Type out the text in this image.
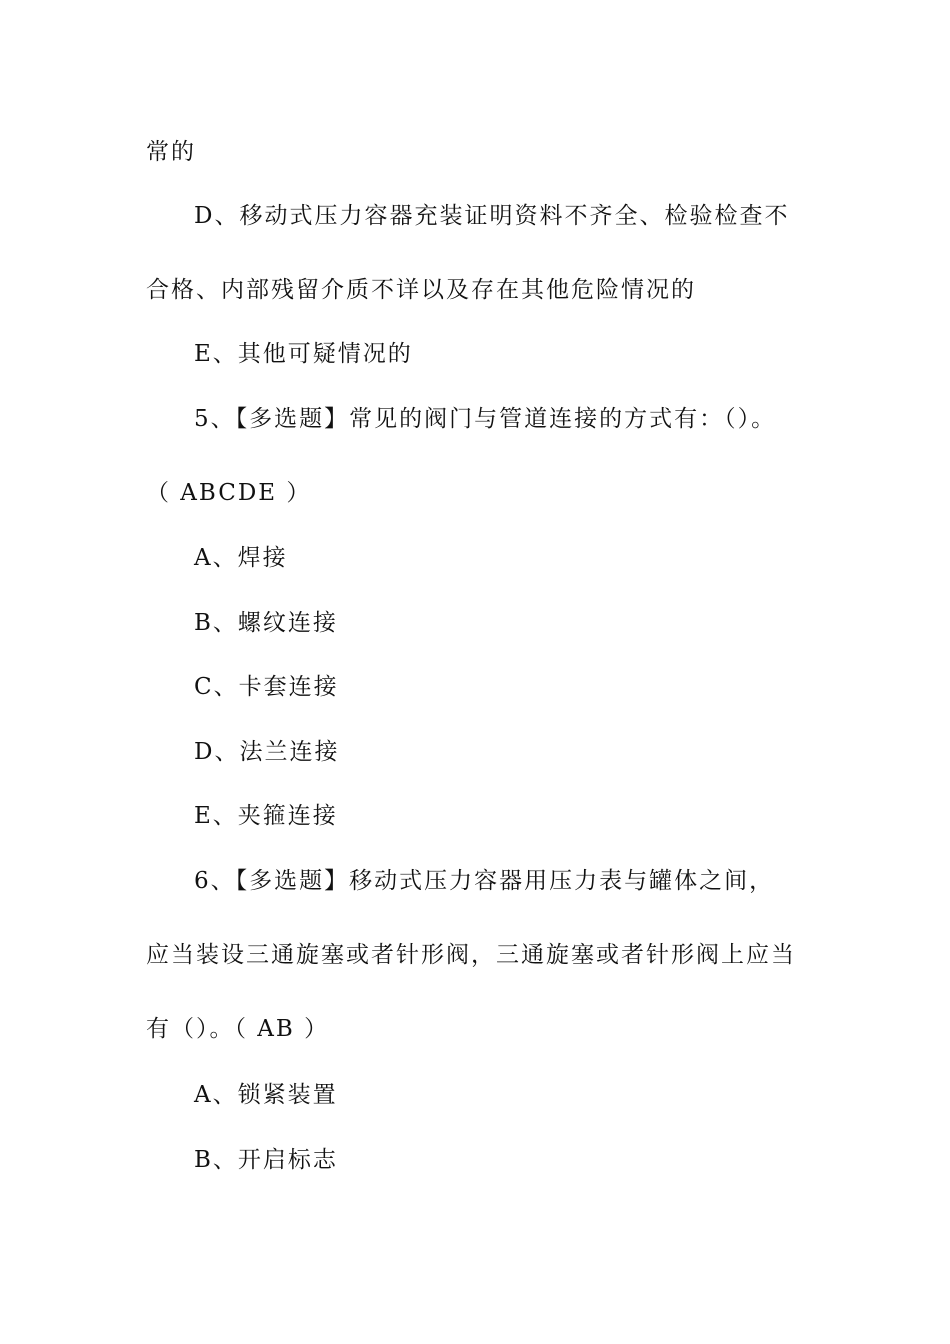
常的
D、移动式压力容器充装证明资料不齐全、检验检查不
合格、内部残留介质不详以及存在其他危险情况的
E、其他可疑情况的
5、【多选题】常见的阀门与管道连接的方式有：（）。
（ ABCDE ）
A、焊接
B、螺纹连接
C、卡套连接
D、法兰连接
E、夹箍连接
6、【多选题】移动式压力容器用压力表与罐体之间，
应当装设三通旋塞或者针形阀，三通旋塞或者针形阀上应当
有（）。（ AB ）
A、锁紧装置
B、开启标志
